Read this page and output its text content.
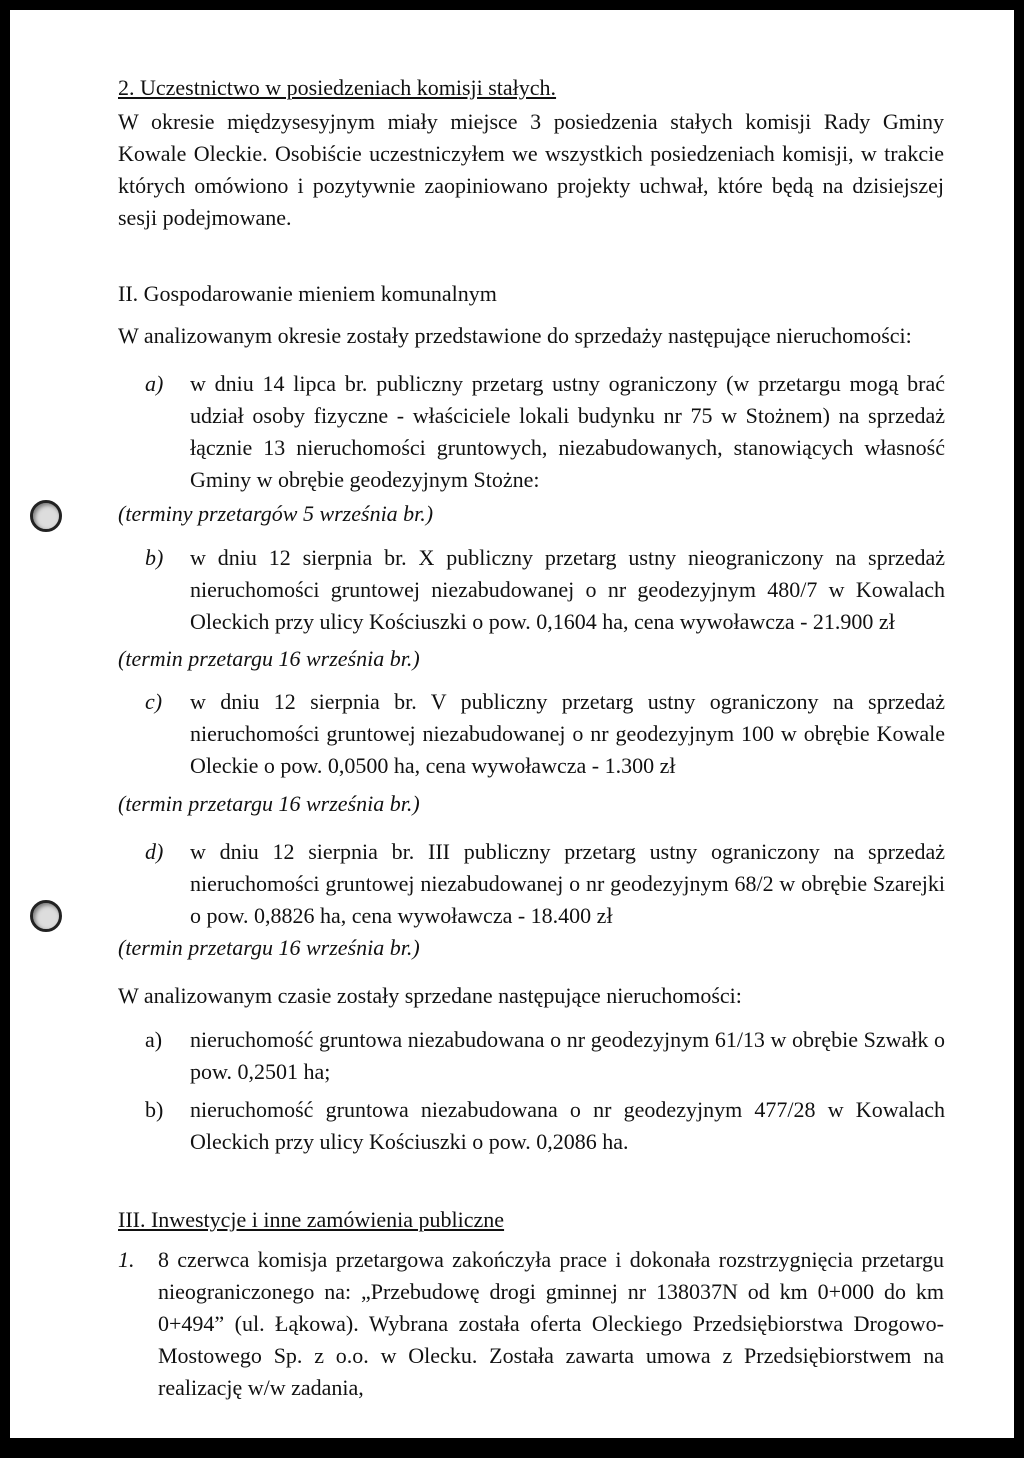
2. Uczestnictwo w posiedzeniach komisji stałych.
W okresie międzysesyjnym miały miejsce 3 posiedzenia stałych komisji Rady Gminy Kowale Oleckie. Osobiście uczestniczyłem we wszystkich posiedzeniach komisji, w trakcie których omówiono i pozytywnie zaopiniowano projekty uchwał, które będą na dzisiejszej sesji podejmowane.
II. Gospodarowanie mieniem komunalnym
W analizowanym okresie zostały przedstawione do sprzedaży następujące nieruchomości:
a) w dniu 14 lipca br. publiczny przetarg ustny ograniczony (w przetargu mogą brać udział osoby fizyczne - właściciele lokali budynku nr 75 w Stożnem) na sprzedaż łącznie 13 nieruchomości gruntowych, niezabudowanych, stanowiących własność Gminy w obrębie geodezyjnym Stożne:
(terminy przetargów 5 września br.)
b) w dniu 12 sierpnia br. X publiczny przetarg ustny nieograniczony na sprzedaż nieruchomości gruntowej niezabudowanej o nr geodezyjnym 480/7 w Kowalach Oleckich przy ulicy Kościuszki o pow. 0,1604 ha, cena wywoławcza - 21.900 zł
(termin przetargu 16 września br.)
c) w dniu 12 sierpnia br. V publiczny przetarg ustny ograniczony na sprzedaż nieruchomości gruntowej niezabudowanej o nr geodezyjnym 100 w obrębie Kowale Oleckie o pow. 0,0500 ha, cena wywoławcza - 1.300 zł
(termin przetargu 16 września br.)
d) w dniu 12 sierpnia br. III publiczny przetarg ustny ograniczony na sprzedaż nieruchomości gruntowej niezabudowanej o nr geodezyjnym 68/2 w obrębie Szarejki o pow. 0,8826 ha, cena wywoławcza - 18.400 zł
(termin przetargu 16 września br.)
W analizowanym czasie zostały sprzedane następujące nieruchomości:
a) nieruchomość gruntowa niezabudowana o nr geodezyjnym 61/13 w obrębie Szwałk o pow. 0,2501 ha;
b) nieruchomość gruntowa niezabudowana o nr geodezyjnym 477/28 w Kowalach Oleckich przy ulicy Kościuszki o pow. 0,2086 ha.
III. Inwestycje i inne zamówienia publiczne
1. 8 czerwca komisja przetargowa zakończyła prace i dokonała rozstrzygnięcia przetargu nieograniczonego na: „Przebudowę drogi gminnej nr 138037N od km 0+000 do km 0+494” (ul. Łąkowa). Wybrana została oferta Oleckiego Przedsiębiorstwa Drogowo-Mostowego Sp. z o.o. w Olecku. Została zawarta umowa z Przedsiębiorstwem na realizację w/w zadania,
